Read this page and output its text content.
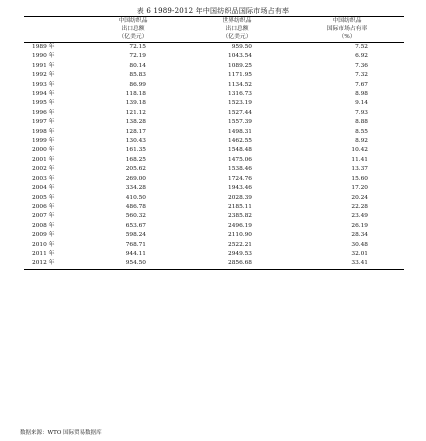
表 6 1989-2012 年中国纺织品国际市场占有率
	中国纺织品	世界纺织品	中国纺织品
	出口总额	出口总额	国际市场占有率
	（亿美元）	（亿美元）	（%）
1989 年	72.15	959.50	7.52
1990 年	72.19	1043.54	6.92
1991 年	80.14	1089.25	7.36
1992 年	85.83	1171.95	7.32
1993 年	86.99	1134.52	7.67
1994 年	118.18	1316.73	8.98
1995 年	139.18	1523.19	9.14
1996 年	121.12	1527.44	7.93
1997 年	138.28	1557.39	8.88
1998 年	128.17	1498.31	8.55
1999 年	130.43	1462.55	8.92
2000 年	161.35	1548.48	10.42
2001 年	168.25	1475.06	11.41
2002 年	205.62	1538.46	13.37
2003 年	269.00	1724.76	15.60
2004 年	334.28	1943.46	17.20
2005 年	410.50	2028.39	20.24
2006 年	486.78	2185.11	22.28
2007 年	560.32	2385.82	23.49
2008 年	653.67	2496.19	26.19
2009 年	598.24	2110.90	28.34
2010 年	768.71	2522.21	30.48
2011 年	944.11	2949.53	32.01
2012 年	954.50	2856.68	33.41
数据来源：WTO 国际贸易数据库
